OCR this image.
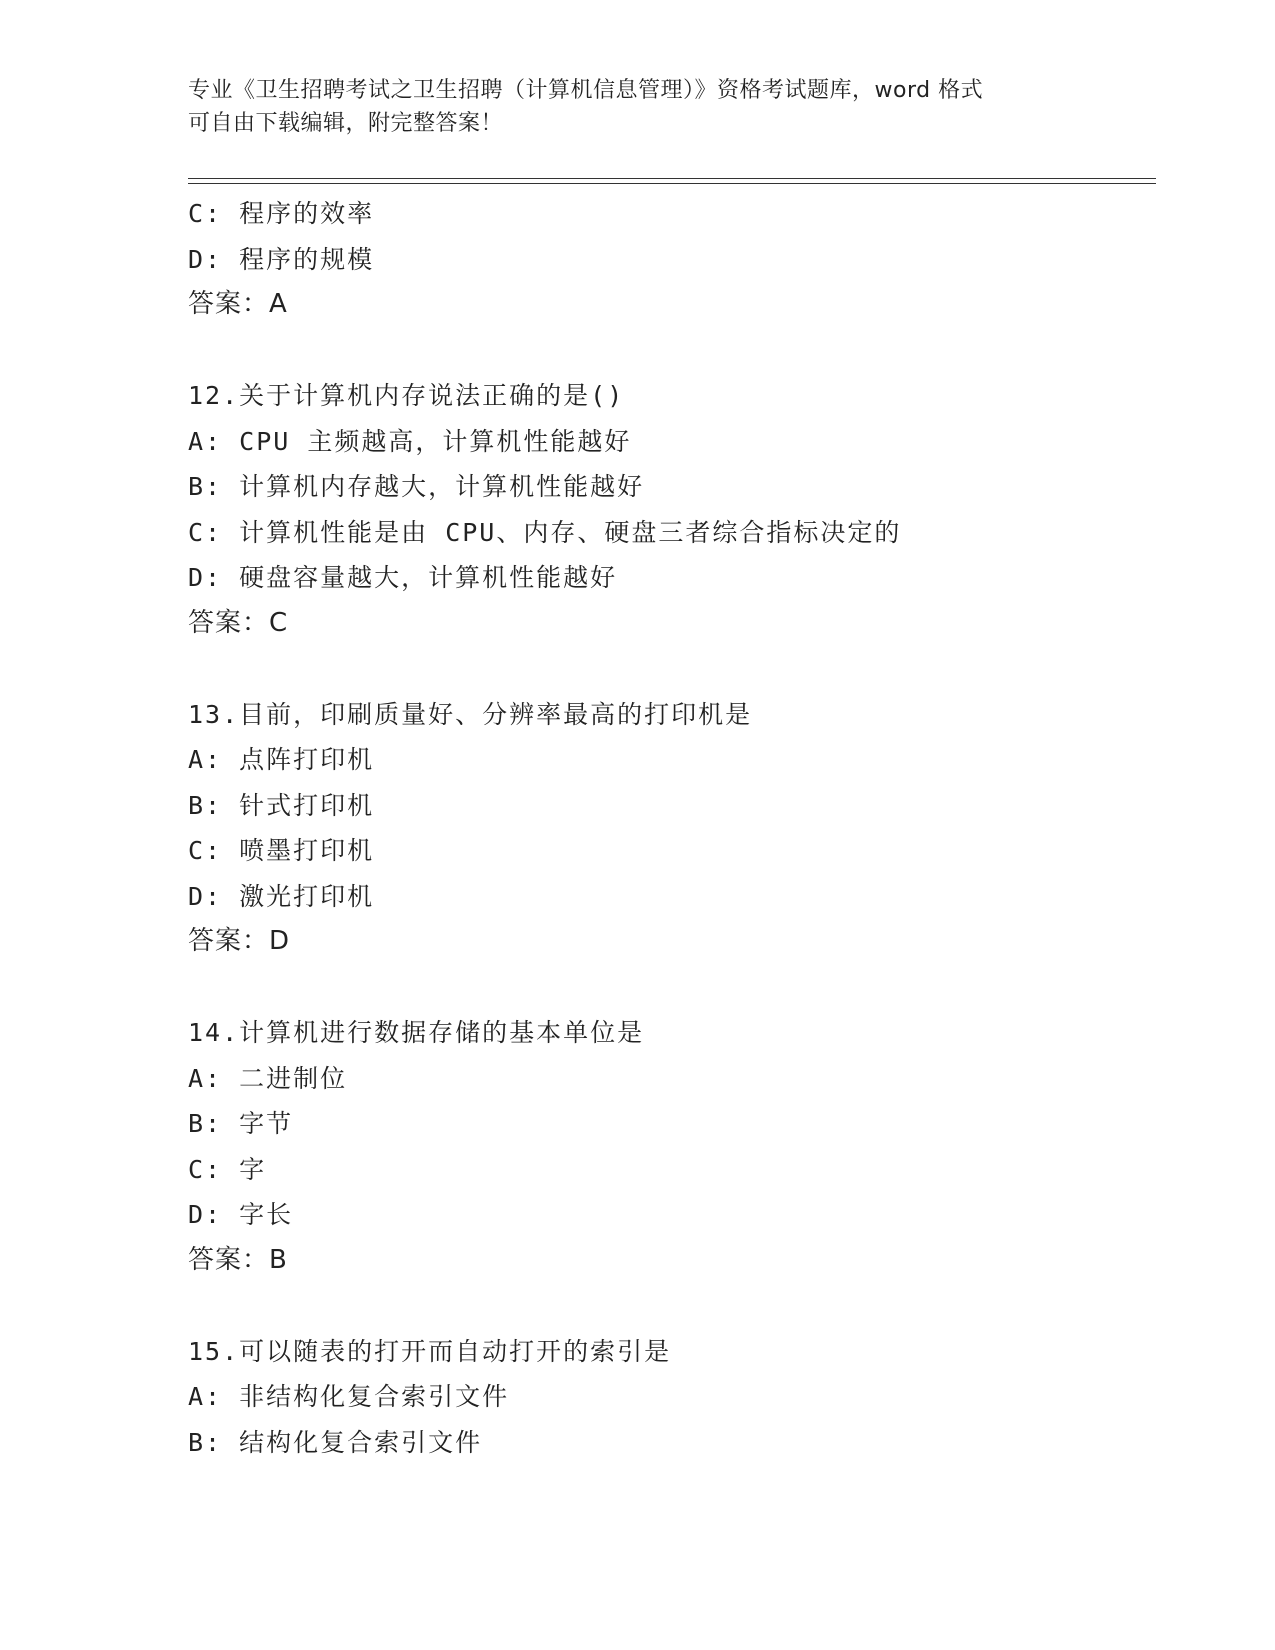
专业《卫生招聘考试之卫生招聘（计算机信息管理）》资格考试题库，word 格式
可自由下载编辑，附完整答案！
C: 程序的效率
D: 程序的规模
答案：A
12.关于计算机内存说法正确的是()
A: CPU 主频越高，计算机性能越好
B: 计算机内存越大，计算机性能越好
C: 计算机性能是由 CPU、内存、硬盘三者综合指标决定的
D: 硬盘容量越大，计算机性能越好
答案：C
13.目前，印刷质量好、分辨率最高的打印机是
A: 点阵打印机
B: 针式打印机
C: 喷墨打印机
D: 激光打印机
答案：D
14.计算机进行数据存储的基本单位是
A: 二进制位
B: 字节
C: 字
D: 字长
答案：B
15.可以随表的打开而自动打开的索引是
A: 非结构化复合索引文件
B: 结构化复合索引文件
